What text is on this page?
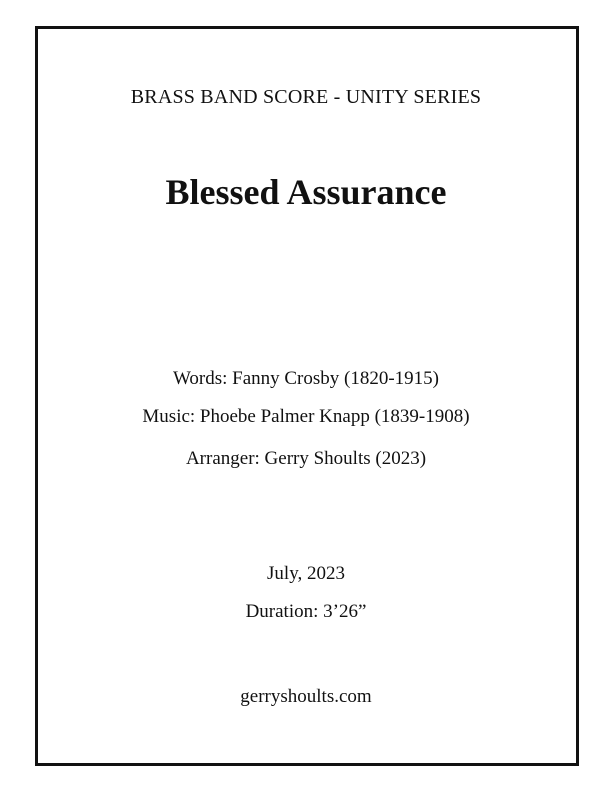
BRASS BAND SCORE - UNITY SERIES
Blessed Assurance
Words: Fanny Crosby (1820-1915)
Music: Phoebe Palmer Knapp (1839-1908)
Arranger: Gerry Shoults (2023)
July, 2023
Duration: 3’26”
gerryshoults.com
